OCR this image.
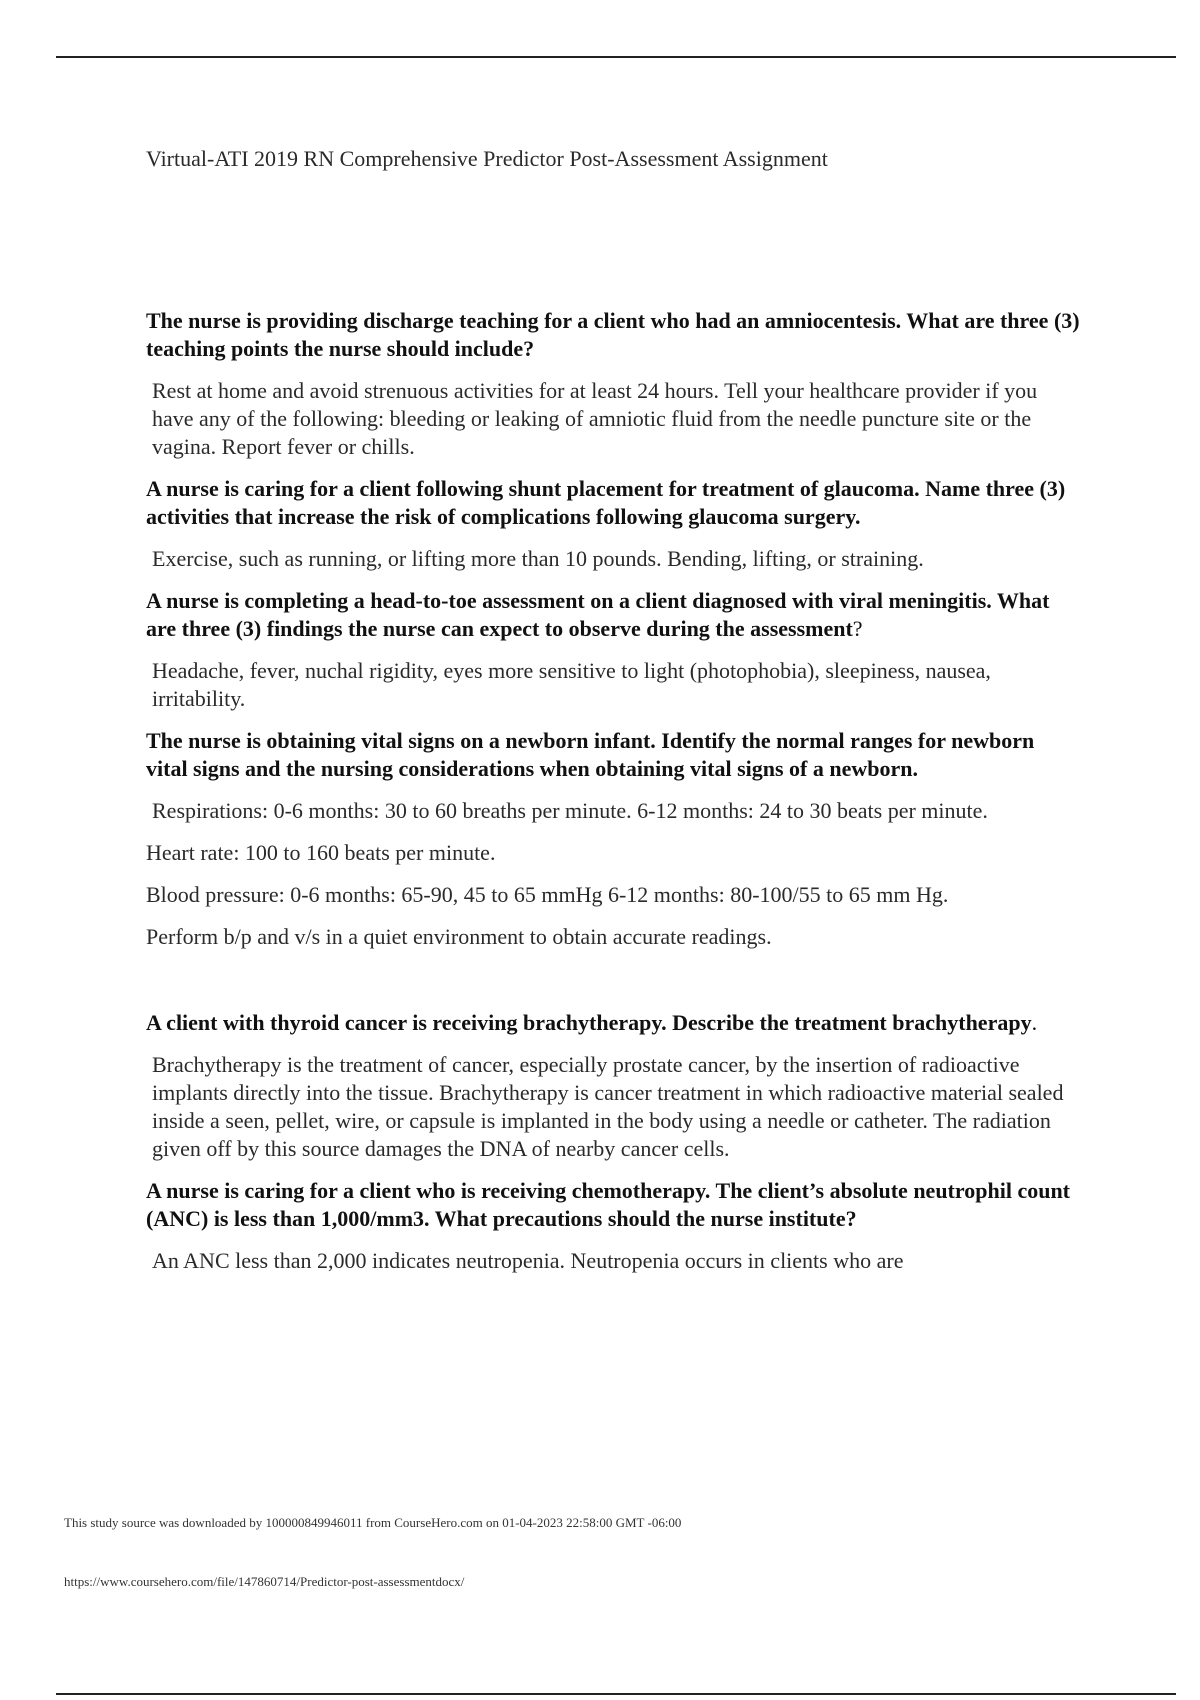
Virtual-ATI 2019 RN Comprehensive Predictor Post-Assessment Assignment

The nurse is providing discharge teaching for a client who had an amniocentesis. What are three (3) teaching points the nurse should include?

Rest at home and avoid strenuous activities for at least 24 hours. Tell your healthcare provider if you have any of the following: bleeding or leaking of amniotic fluid from the needle puncture site or the vagina. Report fever or chills.

A nurse is caring for a client following shunt placement for treatment of glaucoma. Name three (3) activities that increase the risk of complications following glaucoma surgery.

Exercise, such as running, or lifting more than 10 pounds. Bending, lifting, or straining.

A nurse is completing a head-to-toe assessment on a client diagnosed with viral meningitis. What are three (3) findings the nurse can expect to observe during the assessment?

Headache, fever, nuchal rigidity, eyes more sensitive to light (photophobia), sleepiness, nausea, irritability.

The nurse is obtaining vital signs on a newborn infant. Identify the normal ranges for newborn vital signs and the nursing considerations when obtaining vital signs of a newborn.

Respirations: 0-6 months: 30 to 60 breaths per minute. 6-12 months: 24 to 30 beats per minute.

Heart rate: 100 to 160 beats per minute.

Blood pressure: 0-6 months: 65-90, 45 to 65 mmHg 6-12 months: 80-100/55 to 65 mm Hg.

Perform b/p and v/s in a quiet environment to obtain accurate readings.

A client with thyroid cancer is receiving brachytherapy. Describe the treatment brachytherapy.

Brachytherapy is the treatment of cancer, especially prostate cancer, by the insertion of radioactive implants directly into the tissue. Brachytherapy is cancer treatment in which radioactive material sealed inside a seen, pellet, wire, or capsule is implanted in the body using a needle or catheter. The radiation given off by this source damages the DNA of nearby cancer cells.

A nurse is caring for a client who is receiving chemotherapy. The client’s absolute neutrophil count (ANC) is less than 1,000/mm3. What precautions should the nurse institute?

An ANC less than 2,000 indicates neutropenia. Neutropenia occurs in clients who are

This study source was downloaded by 100000849946011 from CourseHero.com on 01-04-2023 22:58:00 GMT -06:00
https://www.coursehero.com/file/147860714/Predictor-post-assessmentdocx/
